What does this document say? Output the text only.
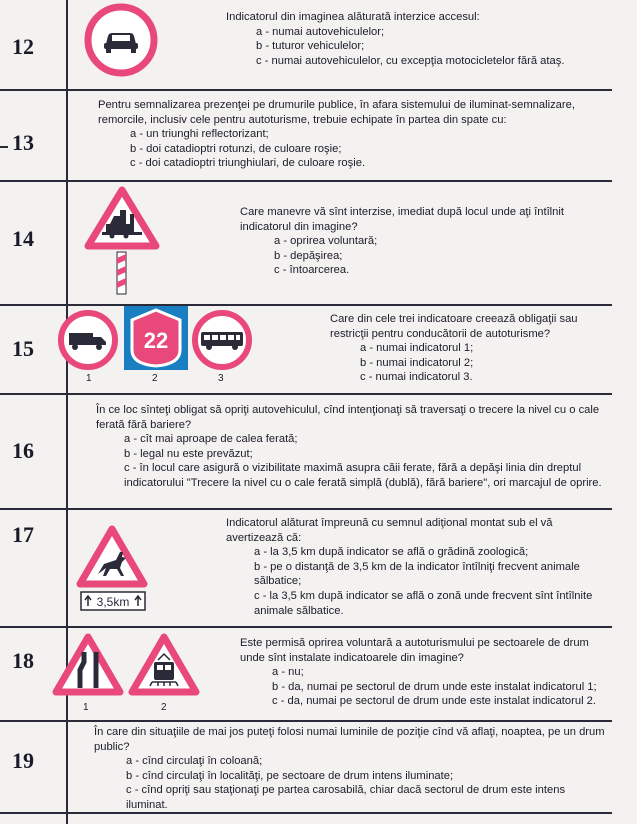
12
Indicatorul din imaginea alăturată interzice accesul:
a - numai autovehiculelor;
b - tuturor vehiculelor;
c - numai autovehiculelor, cu excepţia motocicletelor fără ataş.
13
Pentru semnalizarea prezenţei pe drumurile publice, în afara sistemului de iluminat-semnalizare, remorcile, inclusiv cele pentru autoturisme, trebuie echipate în partea din spate cu:
a - un triunghi reflectorizant;
b - doi catadioptri rotunzi, de culoare roşie;
c - doi catadioptri triunghiulari, de culoare roşie.
14
Care manevre vă sînt interzise, imediat după locul unde aţi întîlnit indicatorul din imagine?
a - oprirea voluntară;
b - depăşirea;
c - întoarcerea.
15
1
22
2	3
Care din cele trei indicatoare creează obligaţii sau restricţii pentru conducătorii de autoturisme?
a - numai indicatorul 1;
b - numai indicatorul 2;
c - numai indicatorul 3.
16
În ce loc sînteţi obligat să opriţi autovehiculul, cînd intenţionaţi să traversaţi o trecere la nivel cu o cale ferată fără bariere?
a - cît mai aproape de calea ferată;
b - legal nu este prevăzut;
c - în locul care asigură o vizibilitate maximă asupra căii ferate, fără a depăşi linia din dreptul indicatorului "Trecere la nivel cu o cale ferată simplă (dublă), fără bariere", ori marcajul de oprire.
17
3,5km
Indicatorul alăturat împreună cu semnul adiţional montat sub el vă avertizează că:
a - la 3,5 km după indicator se află o grădină zoologică;
b - pe o distanţă de 3,5 km de la indicator întîlniţi frecvent animale sălbatice;
c - la 3,5 km după indicator se află o zonă unde frecvent sînt întîlnite animale sălbatice.
18
1	2
Este permisă oprirea voluntară a autoturismului pe sectoarele de drum unde sînt instalate indicatoarele din imagine?
a - nu;
b - da, numai pe sectorul de drum unde este instalat indicatorul 1;
c - da, numai pe sectorul de drum unde este instalat indicatorul 2.
19
În care din situaţiile de mai jos puteţi folosi numai luminile de poziţie cînd vă aflaţi, noaptea, pe un drum public?
a - cînd circulaţi în coloană;
b - cînd circulaţi în localităţi, pe sectoare de drum intens iluminate;
c - cînd opriţi sau staţionaţi pe partea carosabilă, chiar dacă sectorul de drum este intens iluminat.
